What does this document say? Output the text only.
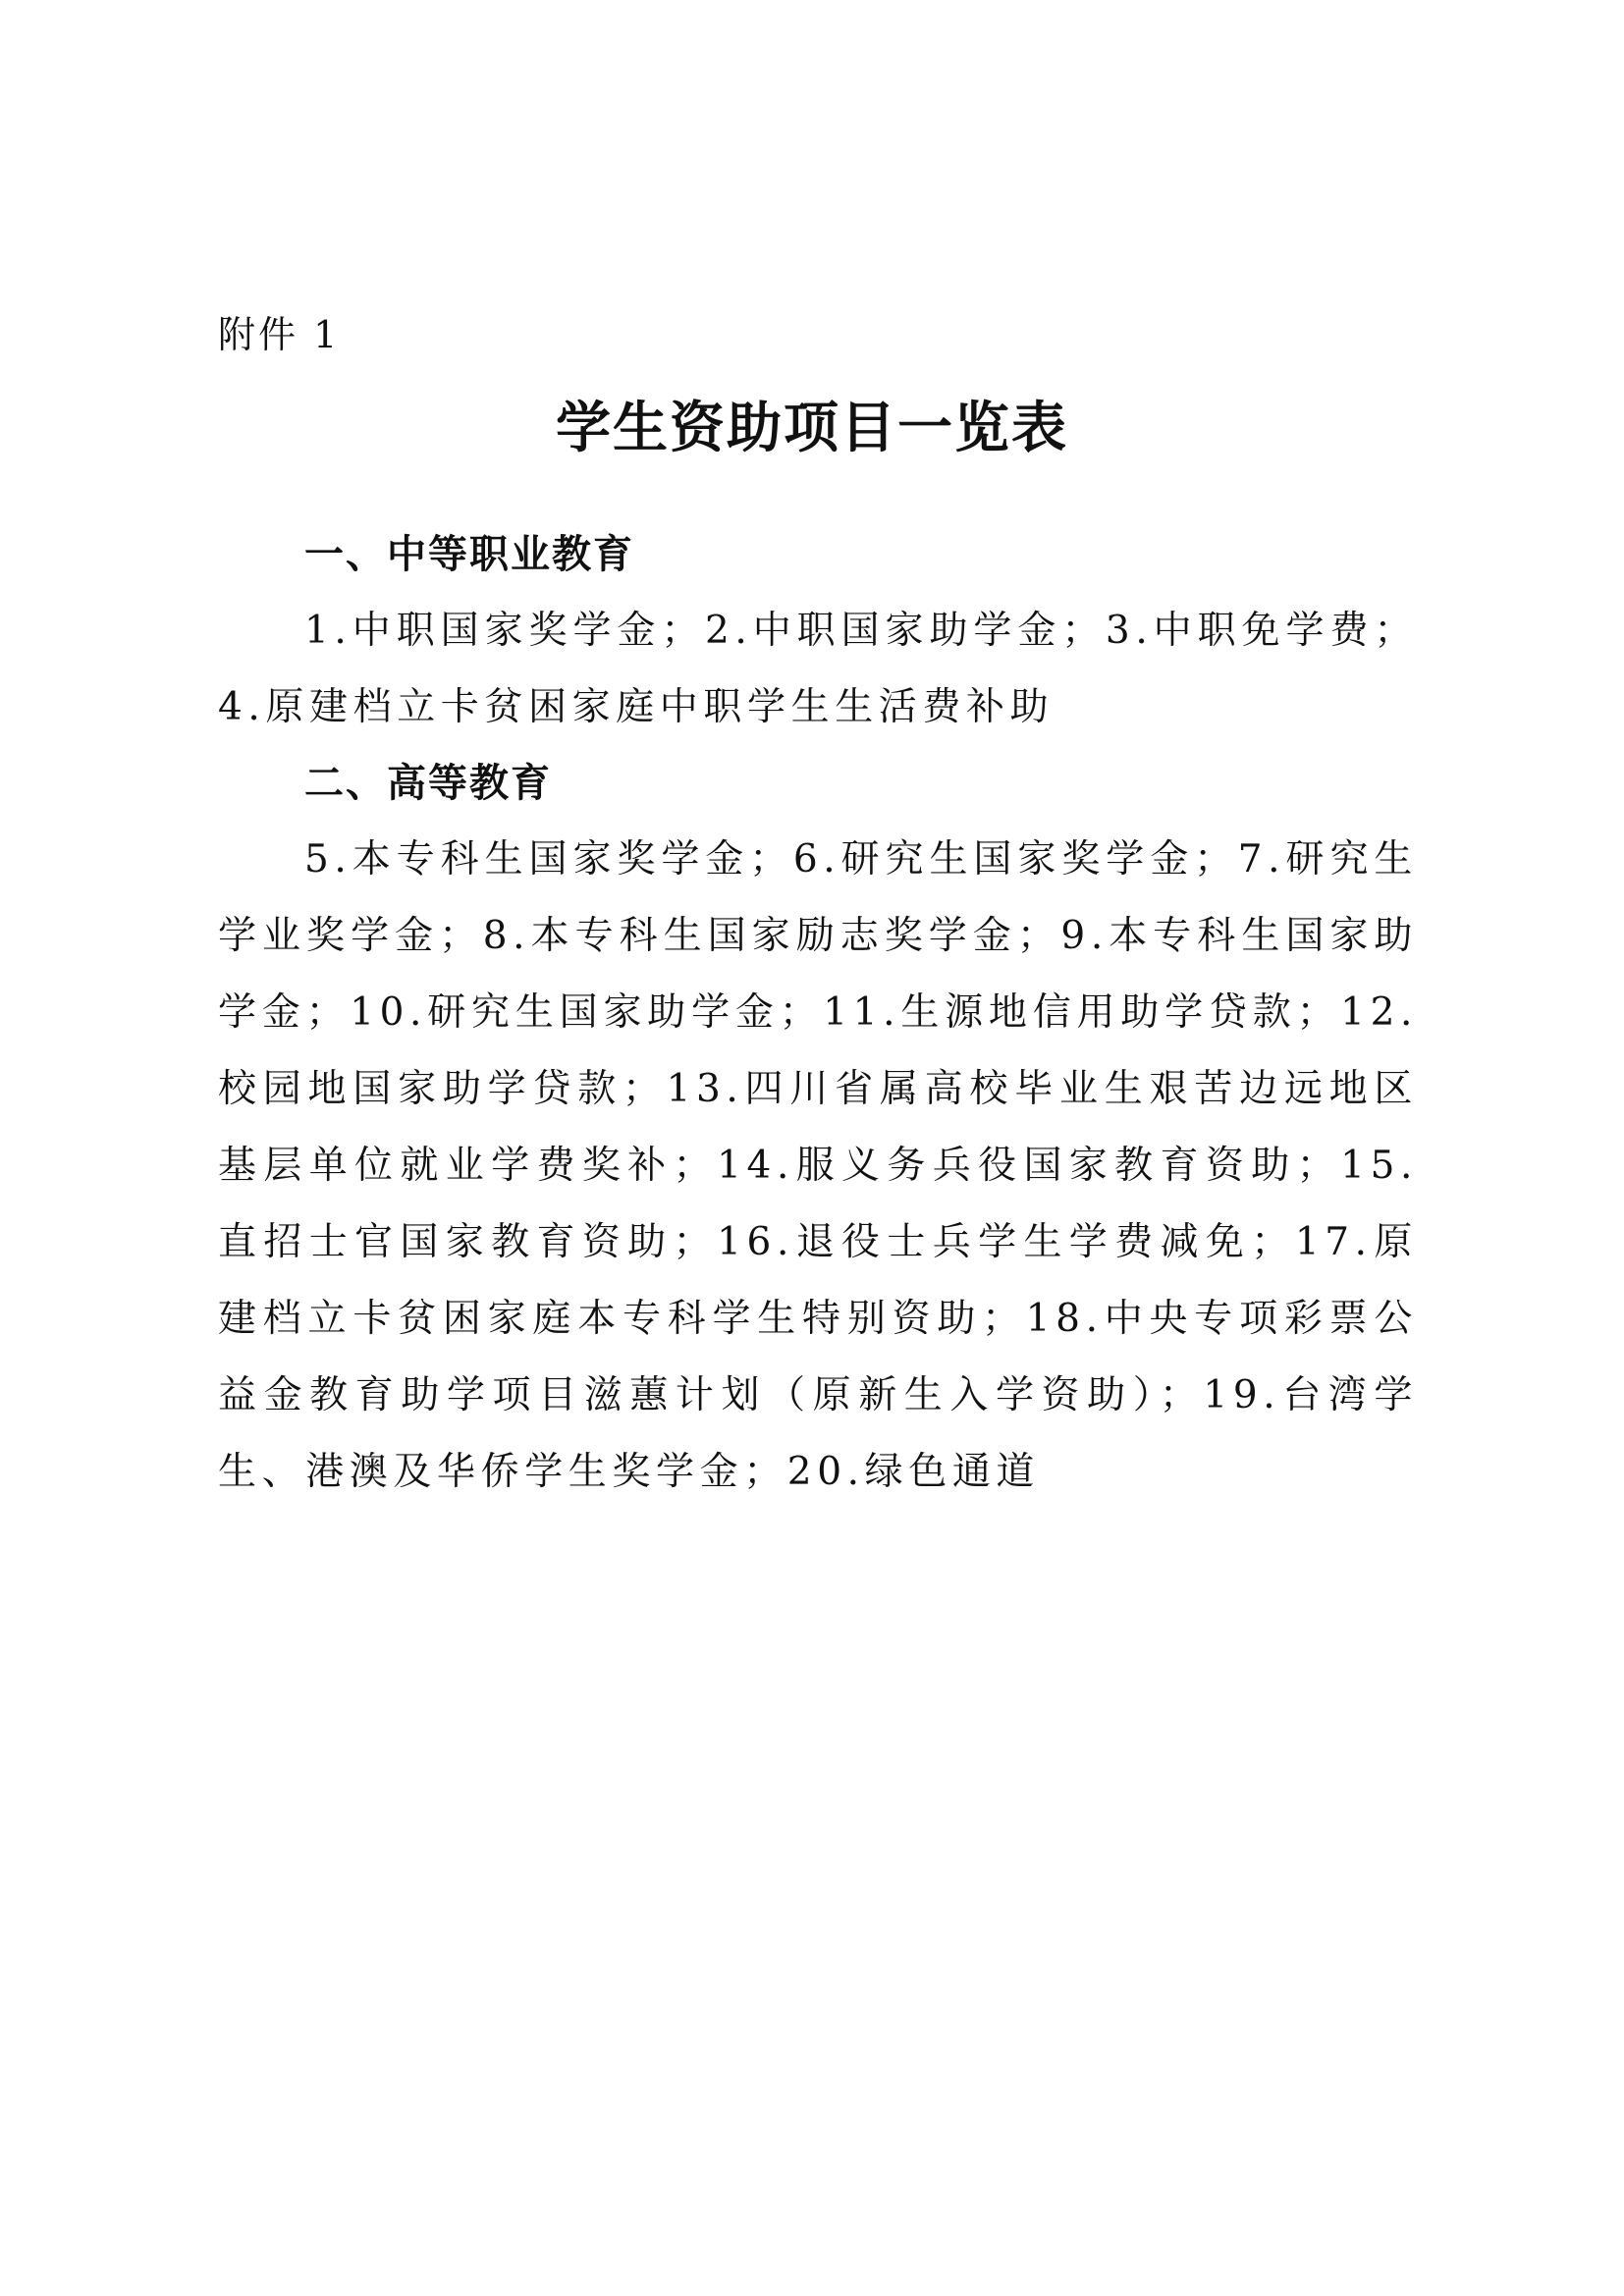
附件 1
学生资助项目一览表
一、中等职业教育
1.中职国家奖学金；2.中职国家助学金；3.中职免学费；4.原建档立卡贫困家庭中职学生生活费补助
二、高等教育
5.本专科生国家奖学金；6.研究生国家奖学金；7.研究生学业奖学金；8.本专科生国家励志奖学金；9.本专科生国家助学金；10.研究生国家助学金；11.生源地信用助学贷款；12.校园地国家助学贷款；13.四川省属高校毕业生艰苦边远地区基层单位就业学费奖补；14.服义务兵役国家教育资助；15.直招士官国家教育资助；16.退役士兵学生学费减免；17.原建档立卡贫困家庭本专科学生特别资助；18.中央专项彩票公益金教育助学项目滋蕙计划（原新生入学资助）；19.台湾学生、港澳及华侨学生奖学金；20.绿色通道
